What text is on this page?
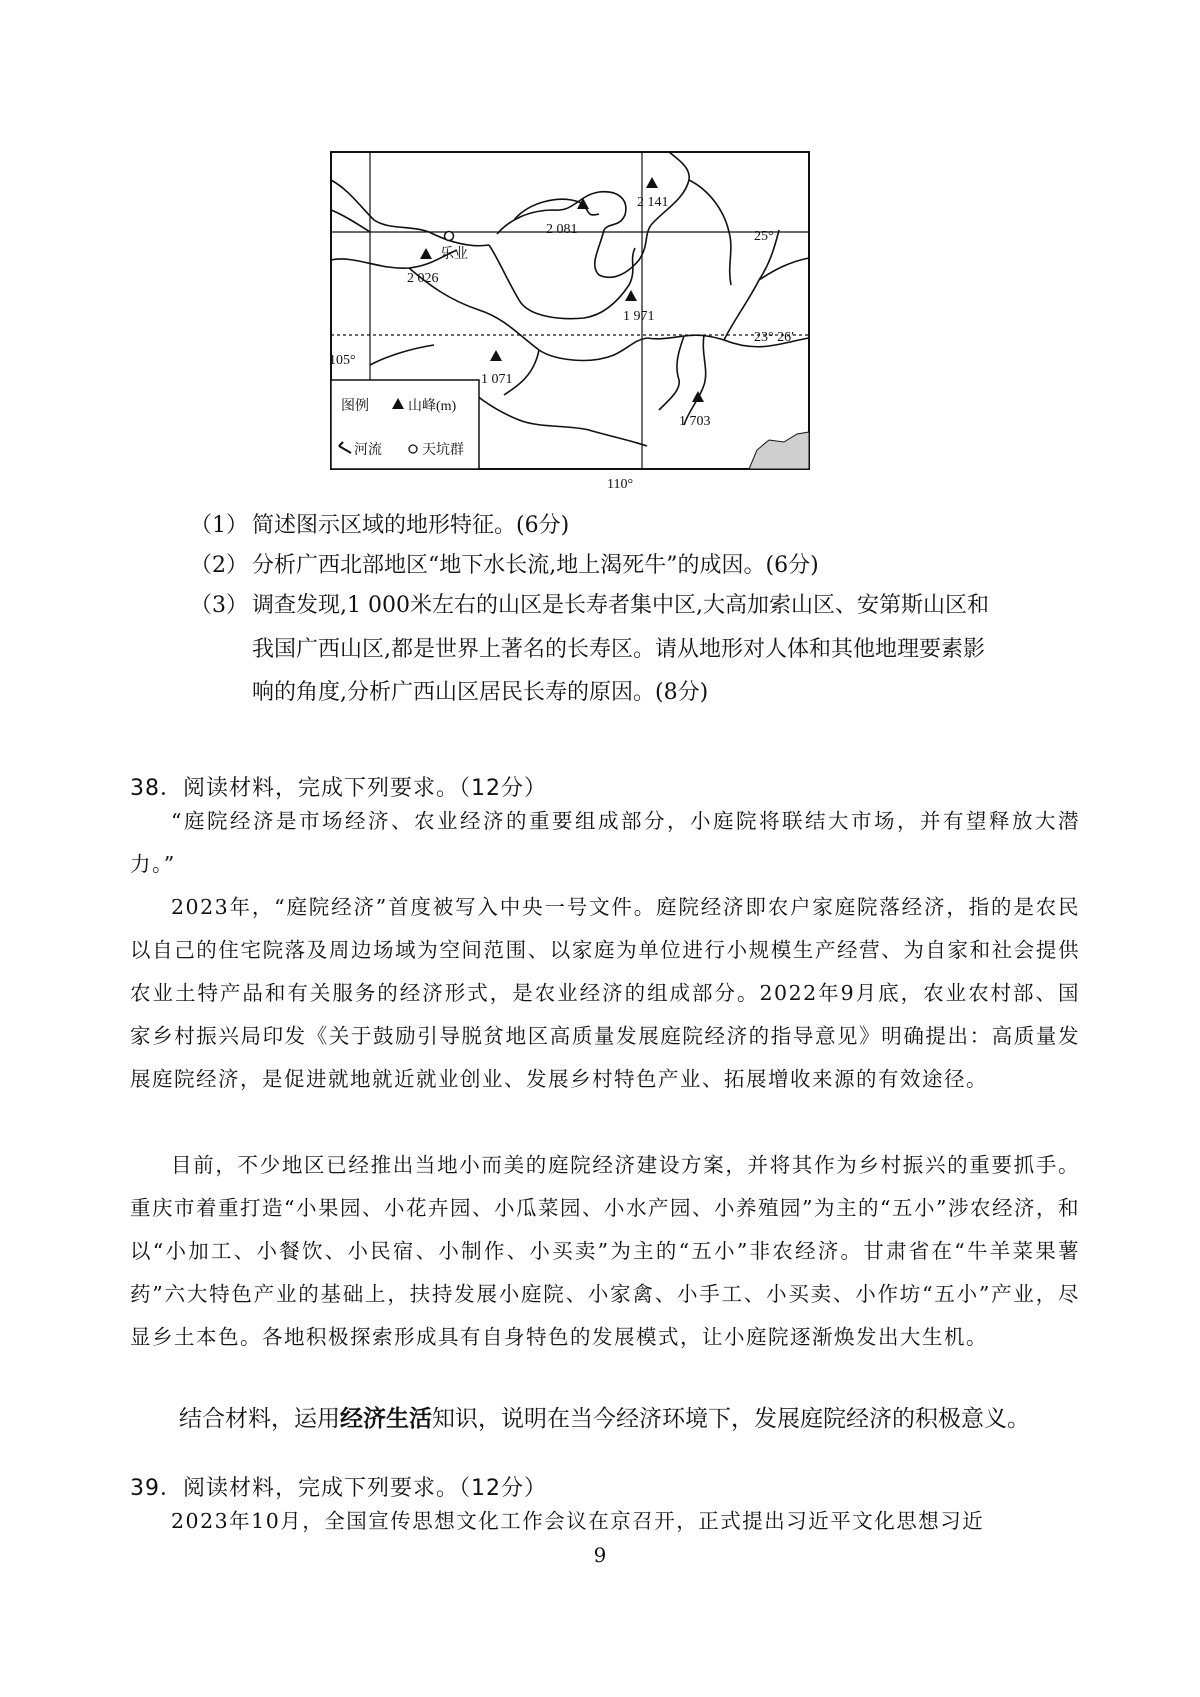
2 141
2 081
2 026
1 971
1 071
1 703
乐业
25°
23° 26′
105°
110°
图例	山峰(m)
河流	天坑群
（1） 简述图示区域的地形特征。(6分)
（2） 分析广西北部地区“地下水长流,地上渴死牛”的成因。(6分)
（3） 调查发现,1 000米左右的山区是长寿者集中区,大高加索山区、安第斯山区和
我国广西山区,都是世界上著名的长寿区。请从地形对人体和其他地理要素影
响的角度,分析广西山区居民长寿的原因。(8分)
38．阅读材料，完成下列要求。（12分）
“庭院经济是市场经济、农业经济的重要组成部分，小庭院将联结大市场，并有望释放大潜力。”
2023年，“庭院经济”首度被写入中央一号文件。庭院经济即农户家庭院落经济，指的是农民以自己的住宅院落及周边场域为空间范围、以家庭为单位进行小规模生产经营、为自家和社会提供农业土特产品和有关服务的经济形式，是农业经济的组成部分。2022年9月底，农业农村部、国家乡村振兴局印发《关于鼓励引导脱贫地区高质量发展庭院经济的指导意见》明确提出：高质量发展庭院经济，是促进就地就近就业创业、发展乡村特色产业、拓展增收来源的有效途径。
目前，不少地区已经推出当地小而美的庭院经济建设方案，并将其作为乡村振兴的重要抓手。重庆市着重打造“小果园、小花卉园、小瓜菜园、小水产园、小养殖园”为主的“五小”涉农经济，和以“小加工、小餐饮、小民宿、小制作、小买卖”为主的“五小”非农经济。甘肃省在“牛羊菜果薯药”六大特色产业的基础上，扶持发展小庭院、小家禽、小手工、小买卖、小作坊“五小”产业，尽显乡土本色。各地积极探索形成具有自身特色的发展模式，让小庭院逐渐焕发出大生机。
结合材料，运用经济生活知识，说明在当今经济环境下，发展庭院经济的积极意义。
39．阅读材料，完成下列要求。（12分）
2023年10月，全国宣传思想文化工作会议在京召开，正式提出习近平文化思想习近
9
